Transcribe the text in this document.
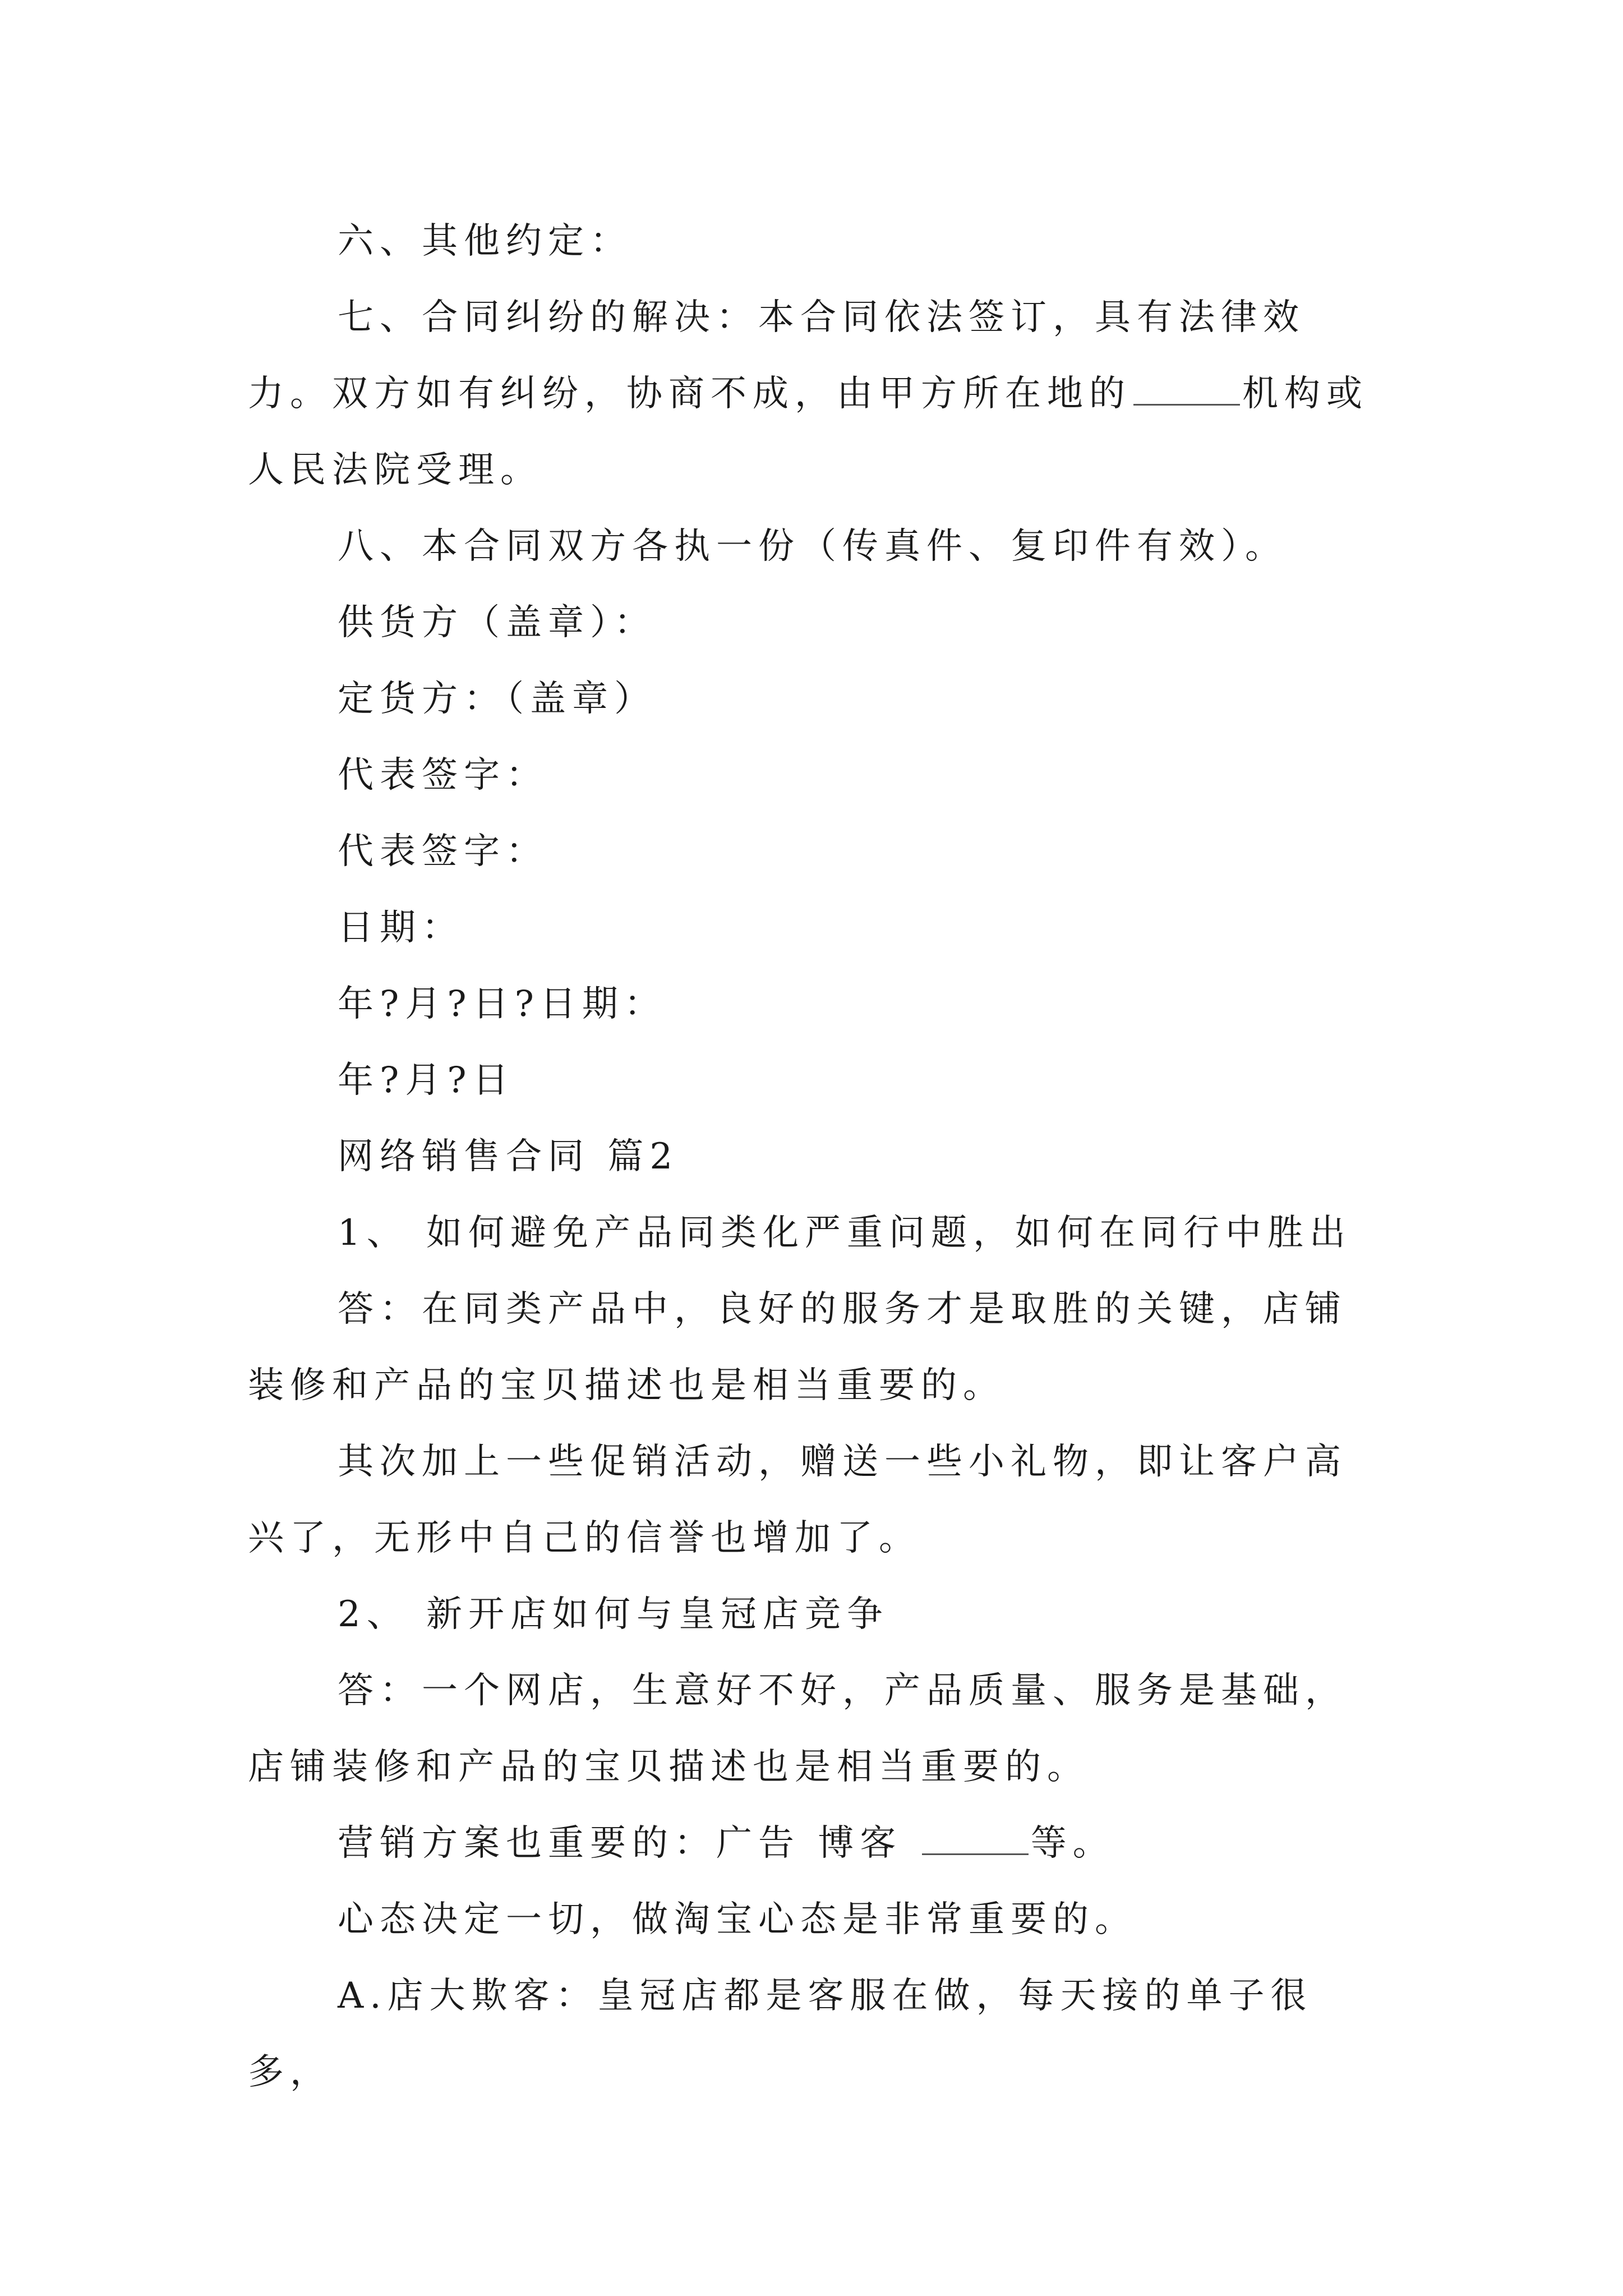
六、其他约定：

七、合同纠纷的解决：本合同依法签订，具有法律效力。双方如有纠纷，协商不成，由甲方所在地的	机构或人民法院受理。

八、本合同双方各执一份（传真件、复印件有效）。

供货方（盖章）：

定货方：（盖章）

代表签字：

代表签字：

日期：

年?月?日?日期：

年?月?日

网络销售合同 篇2

1、 如何避免产品同类化严重问题，如何在同行中胜出

答：在同类产品中，良好的服务才是取胜的关键，店铺装修和产品的宝贝描述也是相当重要的。

其次加上一些促销活动，赠送一些小礼物，即让客户高兴了，无形中自己的信誉也增加了。

2、 新开店如何与皇冠店竞争

答：一个网店，生意好不好，产品质量、服务是基础，店铺装修和产品的宝贝描述也是相当重要的。

营销方案也重要的：广告 博客	等。

心态决定一切，做淘宝心态是非常重要的。

A.店大欺客：皇冠店都是客服在做，每天接的单子很多，
